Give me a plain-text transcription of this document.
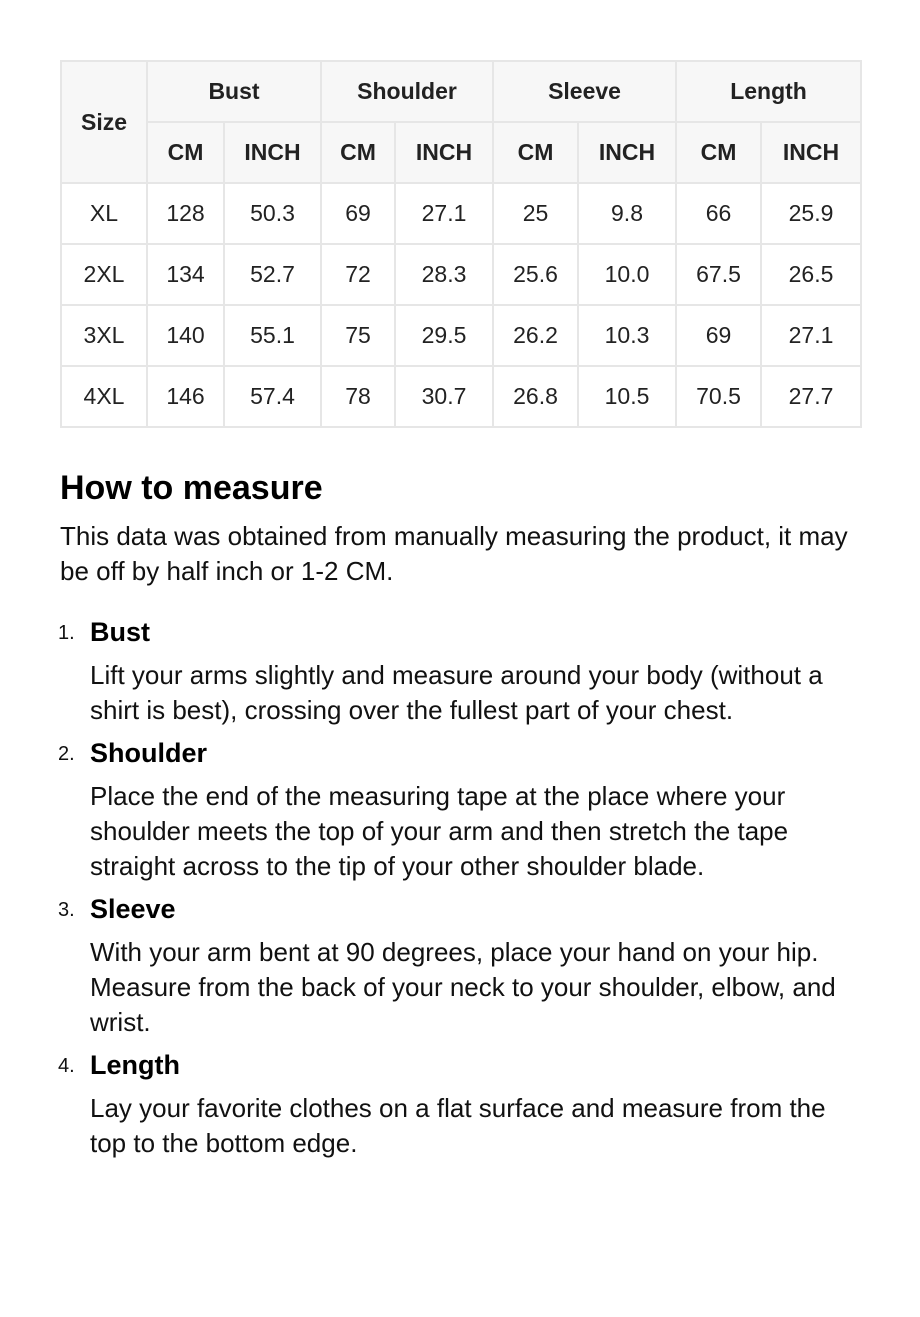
Size	Bust		Shoulder		Sleeve		Length	
	CM	INCH	CM	INCH	CM	INCH	CM	INCH
XL	128	50.3	69	27.1	25	9.8	66	25.9
2XL	134	52.7	72	28.3	25.6	10.0	67.5	26.5
3XL	140	55.1	75	29.5	26.2	10.3	69	27.1
4XL	146	57.4	78	30.7	26.8	10.5	70.5	27.7
How to measure

This data was obtained from manually measuring the product, it may be off by half inch or 1-2 CM.

1. Bust
Lift your arms slightly and measure around your body (without a shirt is best), crossing over the fullest part of your chest.
2. Shoulder
Place the end of the measuring tape at the place where your shoulder meets the top of your arm and then stretch the tape straight across to the tip of your other shoulder blade.
3. Sleeve
With your arm bent at 90 degrees, place your hand on your hip. Measure from the back of your neck to your shoulder, elbow, and wrist.
4. Length
Lay your favorite clothes on a flat surface and measure from the top to the bottom edge.
